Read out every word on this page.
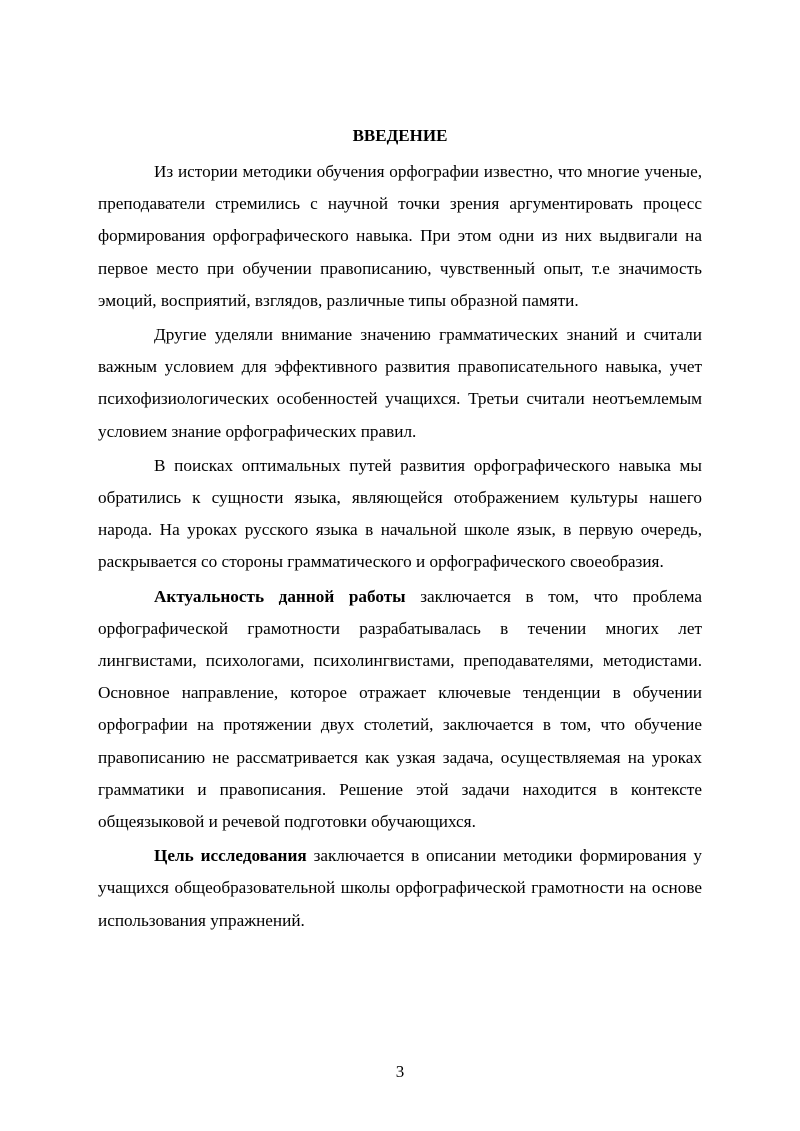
ВВЕДЕНИЕ

Из истории методики обучения орфографии известно, что многие ученые, преподаватели стремились с научной точки зрения аргументировать процесс формирования орфографического навыка. При этом одни из них выдвигали на первое место при обучении правописанию, чувственный опыт, т.е значимость эмоций, восприятий, взглядов, различные типы образной памяти.

Другие уделяли внимание значению грамматических знаний и считали важным условием для эффективного развития правописательного навыка, учет психофизиологических особенностей учащихся. Третьи считали неотъемлемым условием знание орфографических правил.

В поисках оптимальных путей развития орфографического навыка мы обратились к сущности языка, являющейся отображением культуры нашего народа. На уроках русского языка в начальной школе язык, в первую очередь, раскрывается со стороны грамматического и орфографического своеобразия.

Актуальность данной работы заключается в том, что проблема орфографической грамотности разрабатывалась в течении многих лет лингвистами, психологами, психолингвистами, преподавателями, методистами. Основное направление, которое отражает ключевые тенденции в обучении орфографии на протяжении двух столетий, заключается в том, что обучение правописанию не рассматривается как узкая задача, осуществляемая на уроках грамматики и правописания. Решение этой задачи находится в контексте общеязыковой и речевой подготовки обучающихся.

Цель исследования заключается в описании методики формирования у учащихся общеобразовательной школы орфографической грамотности на основе использования упражнений.

3
